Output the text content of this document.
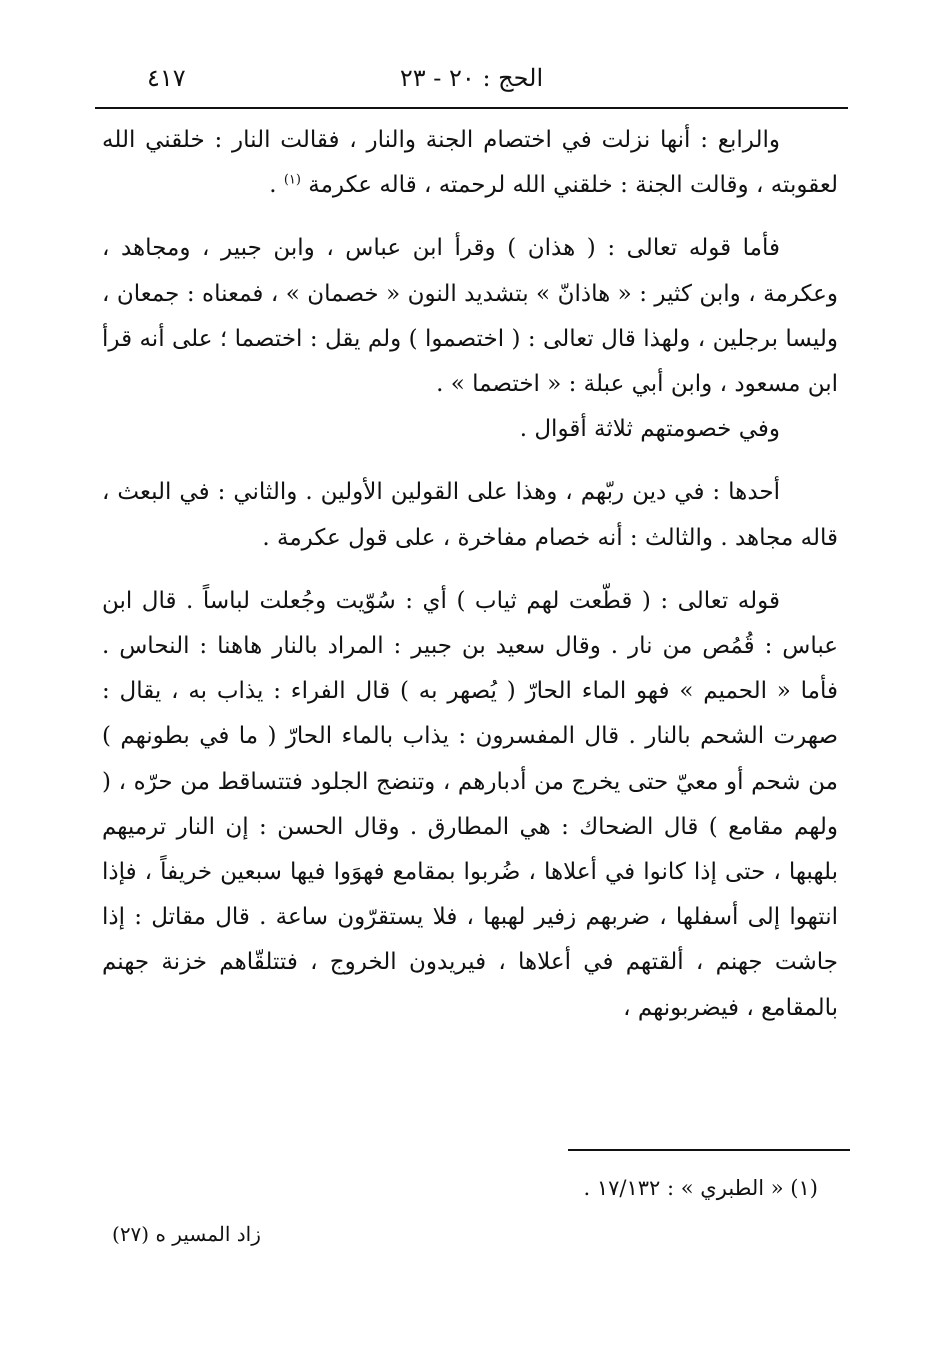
الحج : ٢٠ - ٢٣
٤١٧

والرابع : أنها نزلت في اختصام الجنة والنار ، فقالت النار : خلقني الله لعقوبته ، وقالت الجنة : خلقني الله لرحمته ، قاله عكرمة $^{(١)}$ .

فأما قوله تعالى : ( هذان ) وقرأ ابن عباس ، وابن جبير ، ومجاهد ، وعكرمة ، وابن كثير : « هاذانّ » بتشديد النون « خصمان » ، فمعناه : جمعان ، وليسا برجلين ، ولهذا قال تعالى : ( اختصموا ) ولم يقل : اختصما ؛ على أنه قرأ ابن مسعود ، وابن أبي عبلة : « اختصما » .

وفي خصومتهم ثلاثة أقوال .

أحدها : في دين ربّهم ، وهذا على القولين الأولين . والثاني : في البعث ، قاله مجاهد . والثالث : أنه خصام مفاخرة ، على قول عكرمة .

قوله تعالى : ( قطّعت لهم ثياب ) أي : سُوّيت وجُعلت لباساً . قال ابن عباس : قُمُص من نار . وقال سعيد بن جبير : المراد بالنار هاهنا : النحاس . فأما « الحميم » فهو الماء الحارّ ( يُصهر به ) قال الفراء : يذاب به ، يقال : صهرت الشحم بالنار . قال المفسرون : يذاب بالماء الحارّ ( ما في بطونهم ) من شحم أو معيّ حتى يخرج من أدبارهم ، وتنضج الجلود فتتساقط من حرّه ، ( ولهم مقامع ) قال الضحاك : هي المطارق . وقال الحسن : إن النار ترميهم بلهبها ، حتى إذا كانوا في أعلاها ، ضُربوا بمقامع فهوَوا فيها سبعين خريفاً ، فإذا انتهوا إلى أسفلها ، ضربهم زفير لهبها ، فلا يستقرّون ساعة . قال مقاتل : إذا جاشت جهنم ، ألقتهم في أعلاها ، فيريدون الخروج ، فتتلقّاهم خزنة جهنم بالمقامع ، فيضربونهم ،

(١) « الطبري » : ١٧/١٣٢ .
زاد المسير ه (٢٧)
